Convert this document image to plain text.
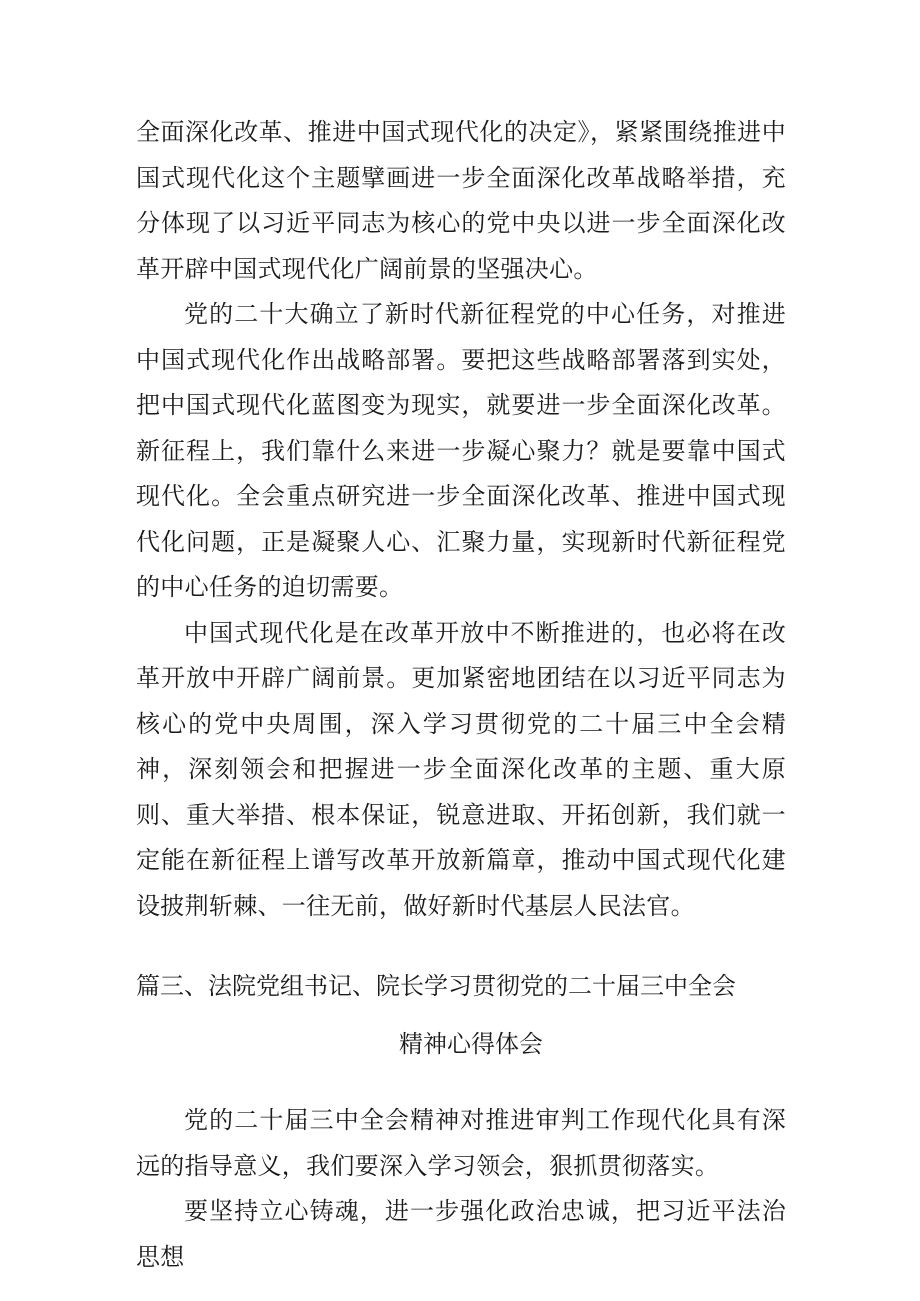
全面深化改革、推进中国式现代化的决定》，紧紧围绕推进中国式现代化这个主题擘画进一步全面深化改革战略举措，充分体现了以习近平同志为核心的党中央以进一步全面深化改革开辟中国式现代化广阔前景的坚强决心。

党的二十大确立了新时代新征程党的中心任务，对推进中国式现代化作出战略部署。要把这些战略部署落到实处，把中国式现代化蓝图变为现实，就要进一步全面深化改革。新征程上，我们靠什么来进一步凝心聚力？就是要靠中国式现代化。全会重点研究进一步全面深化改革、推进中国式现代化问题，正是凝聚人心、汇聚力量，实现新时代新征程党的中心任务的迫切需要。

中国式现代化是在改革开放中不断推进的，也必将在改革开放中开辟广阔前景。更加紧密地团结在以习近平同志为核心的党中央周围，深入学习贯彻党的二十届三中全会精神，深刻领会和把握进一步全面深化改革的主题、重大原则、重大举措、根本保证，锐意进取、开拓创新，我们就一定能在新征程上谱写改革开放新篇章，推动中国式现代化建设披荆斩棘、一往无前，做好新时代基层人民法官。

篇三、法院党组书记、院长学习贯彻党的二十届三中全会
精神心得体会

党的二十届三中全会精神对推进审判工作现代化具有深远的指导意义，我们要深入学习领会，狠抓贯彻落实。

要坚持立心铸魂，进一步强化政治忠诚，把习近平法治思想
